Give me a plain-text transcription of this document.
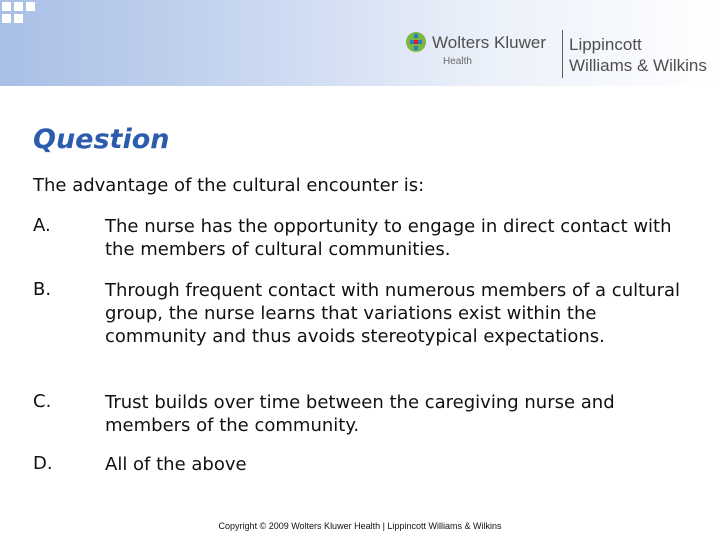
Wolters Kluwer
Health
Lippincott
Williams & Wilkins
Question
The advantage of the cultural encounter is:
A.	The nurse has the opportunity to engage in direct contact with the members of cultural communities.
B.	Through frequent contact with numerous members of a cultural group, the nurse learns that variations exist within the community and thus avoids stereotypical expectations.
C.	Trust builds over time between the caregiving nurse and members of the community.
D.	All of the above
Copyright © 2009 Wolters Kluwer Health | Lippincott Williams & Wilkins
